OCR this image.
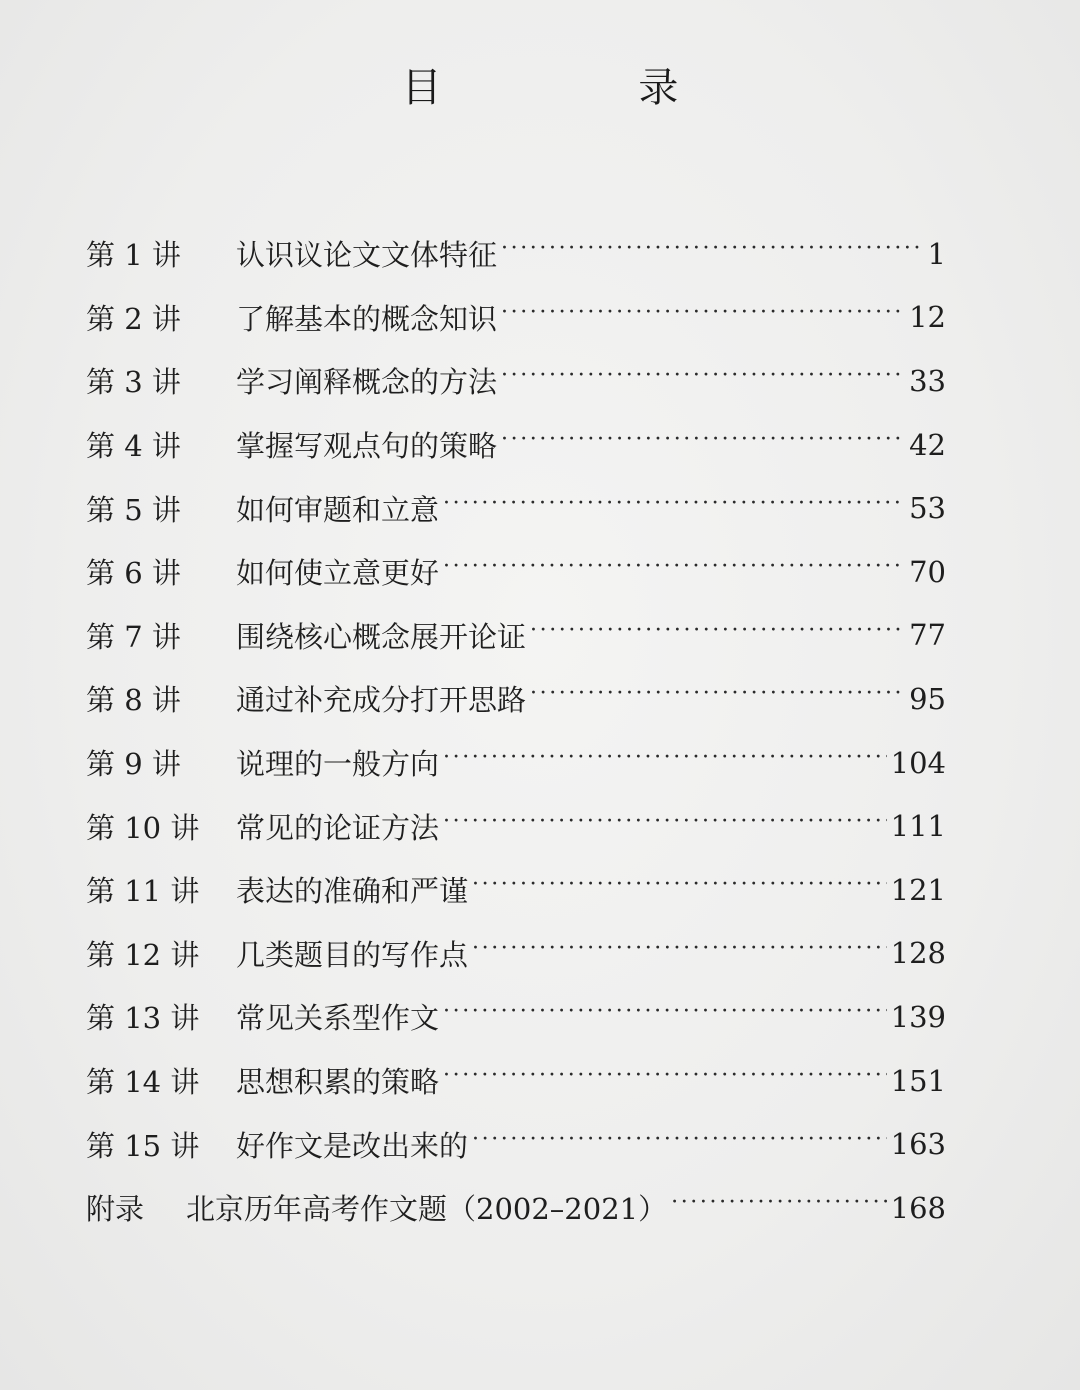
目 录
第 1 讲	认识议论文文体特征 ·····	1
第 2 讲	了解基本的概念知识 ·····	12
第 3 讲	学习阐释概念的方法 ·····	33
第 4 讲	掌握写观点句的策略 ·····	42
第 5 讲	如何审题和立意 ·····	53
第 6 讲	如何使立意更好 ·····	70
第 7 讲	围绕核心概念展开论证 ·····	77
第 8 讲	通过补充成分打开思路 ·····	95
第 9 讲	说理的一般方向 ·····	104
第 10 讲	常见的论证方法 ·····	111
第 11 讲	表达的准确和严谨 ·····	121
第 12 讲	几类题目的写作点 ·····	128
第 13 讲	常见关系型作文 ·····	139
第 14 讲	思想积累的策略 ·····	151
第 15 讲	好作文是改出来的 ·····	163
附录	北京历年高考作文题（2002–2021） ·····	168
